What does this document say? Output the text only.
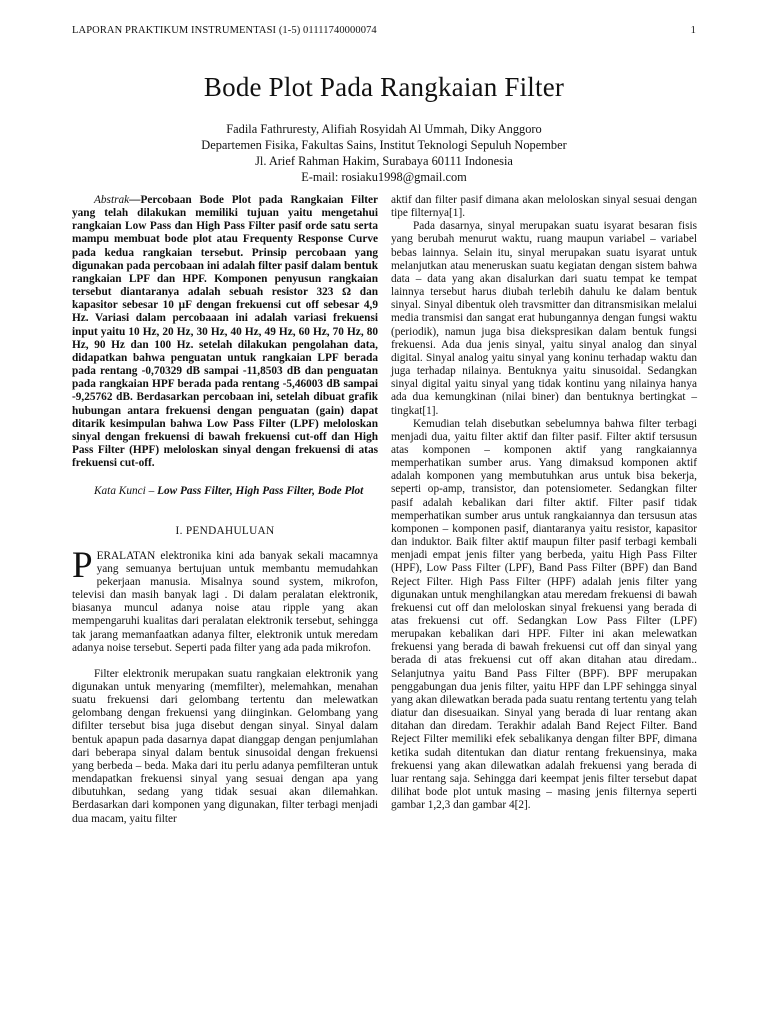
LAPORAN PRAKTIKUM INSTRUMENTASI (1-5) 01111740000074	1
Bode Plot Pada Rangkaian Filter
Fadila Fathruresty, Alifiah Rosyidah Al Ummah, Diky Anggoro
Departemen Fisika, Fakultas Sains, Institut Teknologi Sepuluh Nopember
Jl. Arief Rahman Hakim, Surabaya 60111 Indonesia
E-mail: rosiaku1998@gmail.com

Abstrak—Percobaan Bode Plot pada Rangkaian Filter yang telah dilakukan memiliki tujuan yaitu mengetahui rangkaian Low Pass dan High Pass Filter pasif orde satu serta mampu membuat bode plot atau Frequenty Response Curve pada kedua rangkaian tersebut. Prinsip percobaan yang digunakan pada percobaan ini adalah filter pasif dalam bentuk rangkaian LPF dan HPF. Komponen penyusun rangkaian tersebut diantaranya adalah sebuah resistor 323 Ω dan kapasitor sebesar 10 μF dengan frekuensi cut off sebesar 4,9 Hz. Variasi dalam percobaaan ini adalah variasi frekuensi input yaitu 10 Hz, 20 Hz, 30 Hz, 40 Hz, 49 Hz, 60 Hz, 70 Hz, 80 Hz, 90 Hz dan 100 Hz. setelah dilakukan pengolahan data, didapatkan bahwa penguatan untuk rangkaian LPF berada pada rentang -0,70329 dB sampai -11,8503 dB dan penguatan pada rangkaian HPF berada pada rentang -5,46003 dB sampai -9,25762 dB. Berdasarkan percobaan ini, setelah dibuat grafik hubungan antara frekuensi dengan penguatan (gain) dapat ditarik kesimpulan bahwa Low Pass Filter (LPF) meloloskan sinyal dengan frekuensi di bawah frekuensi cut-off dan High Pass Filter (HPF) meloloskan sinyal dengan frekuensi di atas frekuensi cut-off.

Kata Kunci – Low Pass Filter, High Pass Filter, Bode Plot

I. PENDAHULUAN

PERALATAN elektronika kini ada banyak sekali macamnya yang semuanya bertujuan untuk membantu memudahkan pekerjaan manusia. Misalnya sound system, mikrofon, televisi dan masih banyak lagi . Di dalam peralatan elektronik, biasanya muncul adanya noise atau ripple yang akan mempengaruhi kualitas dari peralatan elektronik tersebut, sehingga tak jarang memanfaatkan adanya filter, elektronik untuk meredam adanya noise tersebut. Seperti pada filter yang ada pada mikrofon.

Filter elektronik merupakan suatu rangkaian elektronik yang digunakan untuk menyaring (memfilter), melemahkan, menahan suatu frekuensi dari gelombang tertentu dan melewatkan gelombang dengan frekuensi yang diinginkan. Gelombang yang difilter tersebut bisa juga disebut dengan sinyal. Sinyal dalam bentuk apapun pada dasarnya dapat dianggap dengan penjumlahan dari beberapa sinyal dalam bentuk sinusoidal dengan frekuensi yang berbeda – beda. Maka dari itu perlu adanya pemfilteran untuk mendapatkan frekuensi sinyal yang sesuai dengan apa yang dibutuhkan, sedang yang tidak sesuai akan dilemahkan. Berdasarkan dari komponen yang digunakan, filter terbagi menjadi dua macam, yaitu filter

aktif dan filter pasif dimana akan meloloskan sinyal sesuai dengan tipe filternya[1].

Pada dasarnya, sinyal merupakan suatu isyarat besaran fisis yang berubah menurut waktu, ruang maupun variabel – variabel bebas lainnya. Selain itu, sinyal merupakan suatu isyarat untuk melanjutkan atau meneruskan suatu kegiatan dengan sistem bahwa data – data yang akan disalurkan dari suatu tempat ke tempat lainnya tersebut harus diubah terlebih dahulu ke dalam bentuk sinyal. Sinyal dibentuk oleh travsmitter dan ditransmisikan melalui media transmisi dan sangat erat hubungannya dengan fungsi waktu (periodik), namun juga bisa diekspresikan dalam bentuk fungsi frekuensi. Ada dua jenis sinyal, yaitu sinyal analog dan sinyal digital. Sinyal analog yaitu sinyal yang koninu terhadap waktu dan juga terhadap nilainya. Bentuknya yaitu sinusoidal. Sedangkan sinyal digital yaitu sinyal yang tidak kontinu yang nilainya hanya ada dua kemungkinan (nilai biner) dan bentuknya bertingkat – tingkat[1].

Kemudian telah disebutkan sebelumnya bahwa filter terbagi menjadi dua, yaitu filter aktif dan filter pasif. Filter aktif tersusun atas komponen – komponen aktif yang rangkaiannya memperhatikan sumber arus. Yang dimaksud komponen aktif adalah komponen yang membutuhkan arus untuk bisa bekerja, seperti op-amp, transistor, dan potensiometer. Sedangkan filter pasif adalah kebalikan dari filter aktif. Filter pasif tidak memperhatikan sumber arus untuk rangkaiannya dan tersusun atas komponen – komponen pasif, diantaranya yaitu resistor, kapasitor dan induktor. Baik filter aktif maupun filter pasif terbagi kembali menjadi empat jenis filter yang berbeda, yaitu High Pass Filter (HPF), Low Pass Filter (LPF), Band Pass Filter (BPF) dan Band Reject Filter. High Pass Filter (HPF) adalah jenis filter yang digunakan untuk menghilangkan atau meredam frekuensi di bawah frekuensi cut off dan meloloskan sinyal frekuensi yang berada di atas frekuensi cut off. Sedangkan Low Pass Filter (LPF) merupakan kebalikan dari HPF. Filter ini akan melewatkan frekuensi yang berada di bawah frekuensi cut off dan sinyal yang berada di atas frekuensi cut off akan ditahan atau diredam.. Selanjutnya yaitu Band Pass Filter (BPF). BPF merupakan penggabungan dua jenis filter, yaitu HPF dan LPF sehingga sinyal yang akan dilewatkan berada pada suatu rentang tertentu yang telah diatur dan disesuaikan. Sinyal yang berada di luar rentang akan ditahan dan diredam. Terakhir adalah Band Reject Filter. Band Reject Filter memiliki efek sebalikanya dengan filter BPF, dimana ketika sudah ditentukan dan diatur rentang frekuensinya, maka frekuensi yang akan dilewatkan adalah frekuensi yang berada di luar rentang saja. Sehingga dari keempat jenis filter tersebut dapat dilihat bode plot untuk masing – masing jenis filternya seperti gambar 1,2,3 dan gambar 4[2].
